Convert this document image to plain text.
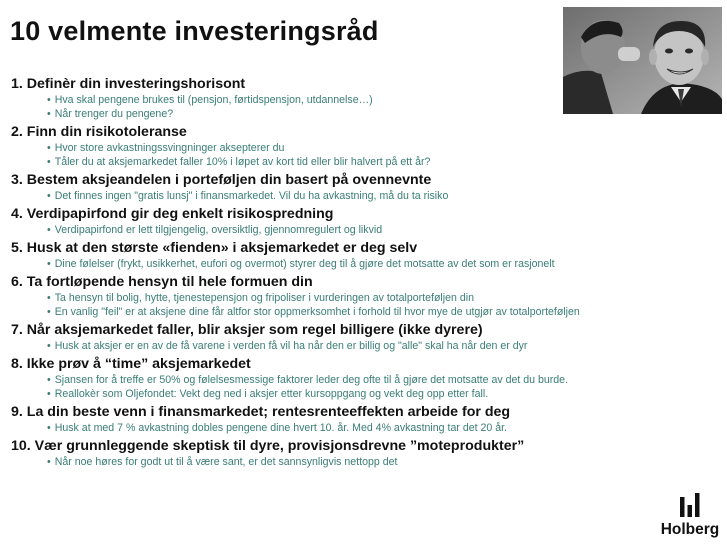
10 velmente investeringsråd
1. Definèr din investeringshorisont
• Hva skal pengene brukes til (pensjon, førtidspensjon, utdannelse…)
• Når trenger du pengene?
2. Finn din risikotoleranse
• Hvor store avkastningssvingninger aksepterer du
• Tåler du at aksjemarkedet faller 10% i løpet av kort tid eller blir halvert på ett år?
3. Bestem aksjeandelen i porteføljen din basert på ovennevnte
• Det finnes ingen "gratis lunsj" i finansmarkedet. Vil du ha avkastning, må du ta risiko
4. Verdipapirfond gir deg enkelt risikospredning
• Verdipapirfond er lett tilgjengelig, oversiktlig, gjennomregulert og likvid
5. Husk at den største «fienden» i aksjemarkedet er deg selv
• Dine følelser (frykt, usikkerhet, eufori og overmot) styrer deg til å gjøre det motsatte av det som er rasjonelt
6. Ta fortløpende hensyn til hele formuen din
• Ta hensyn til bolig, hytte, tjenestepensjon og fripoliser i vurderingen av totalporteføljen din
• En vanlig "feil" er at aksjene dine får altfor stor oppmerksomhet i forhold til hvor mye de utgjør av totalporteføljen
7. Når aksjemarkedet faller, blir aksjer som regel billigere (ikke dyrere)
• Husk at aksjer er en av de få varene i verden få vil ha når den er billig og "alle" skal ha når den er dyr
8. Ikke prøv å “time” aksjemarkedet
• Sjansen for å treffe er 50% og følelsesmessige faktorer leder deg ofte til å gjøre det motsatte av det du burde.
• Reallokèr som Oljefondet: Vekt deg ned i aksjer etter kursoppgang og vekt deg opp etter fall.
9. La din beste venn i finansmarkedet; rentesrenteeffekten arbeide for deg
• Husk at med 7 % avkastning dobles pengene dine hvert 10. år. Med 4% avkastning tar det 20 år.
10. Vær grunnleggende skeptisk til dyre, provisjonsdrevne ”moteprodukter”
• Når noe høres for godt ut til å være sant, er det sannsynligvis nettopp det
Holberg
